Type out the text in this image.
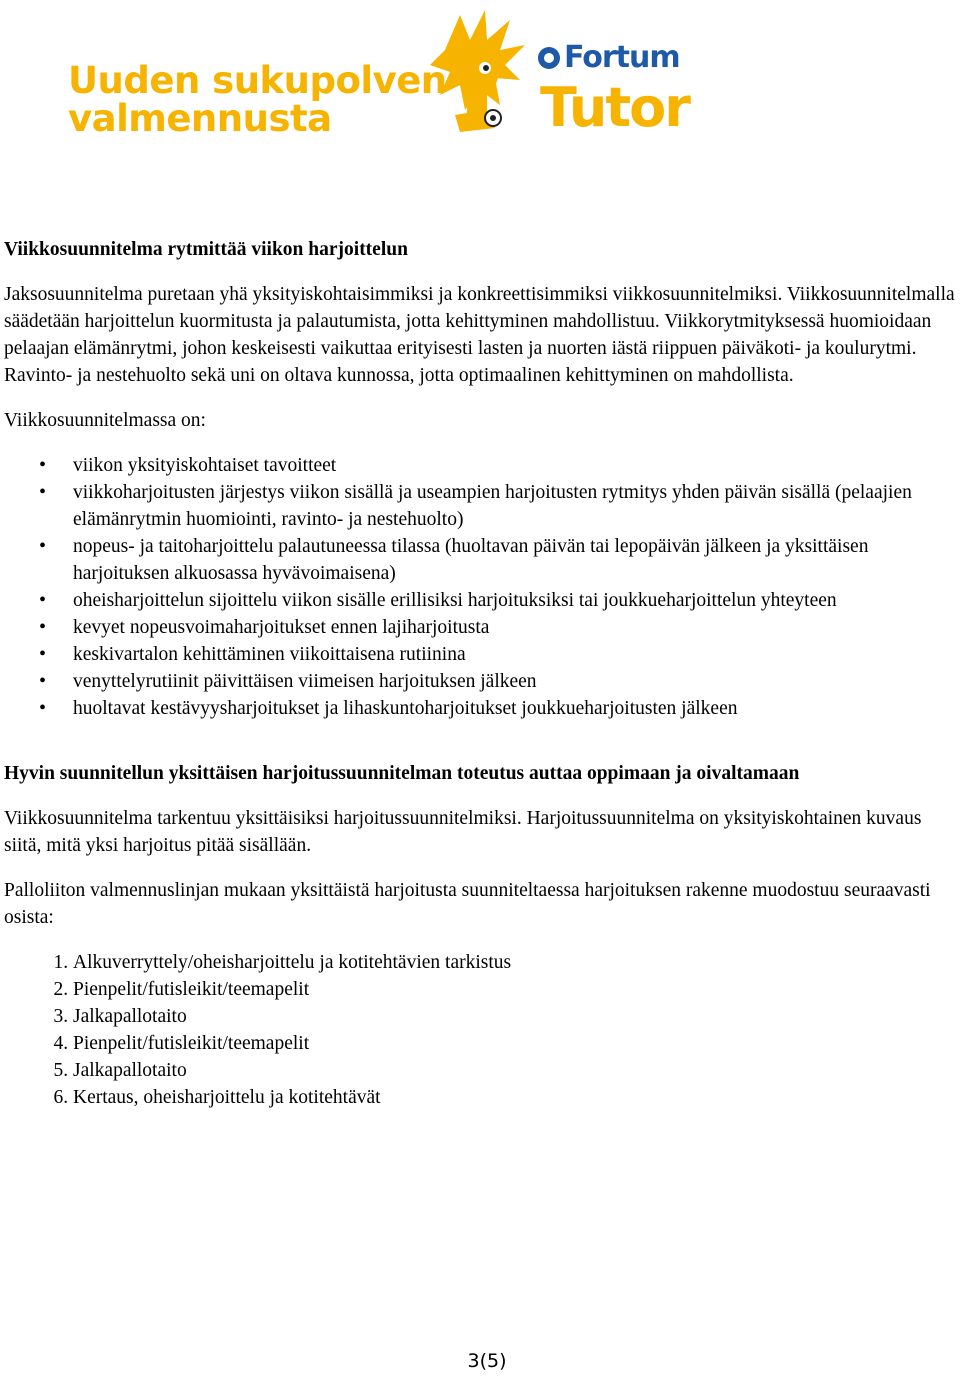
Uuden sukupolven
valmennusta
Fortum
Tutor
Viikkosuunnitelma rytmittää viikon harjoittelun

Jaksosuunnitelma puretaan yhä yksityiskohtaisimmiksi ja konkreettisimmiksi viikkosuunnitelmiksi. Viikkosuunnitelmalla säädetään harjoittelun kuormitusta ja palautumista, jotta kehittyminen mahdollistuu. Viikkorytmityksessä huomioidaan pelaajan elämänrytmi, johon keskeisesti vaikuttaa erityisesti lasten ja nuorten iästä riippuen päiväkoti- ja koulurytmi. Ravinto- ja nestehuolto sekä uni on oltava kunnossa, jotta optimaalinen kehittyminen on mahdollista.

Viikkosuunnitelmassa on:

• viikon yksityiskohtaiset tavoitteet
• viikkoharjoitusten järjestys viikon sisällä ja useampien harjoitusten rytmitys yhden päivän sisällä (pelaajien elämänrytmin huomiointi, ravinto- ja nestehuolto)
• nopeus- ja taitoharjoittelu palautuneessa tilassa (huoltavan päivän tai lepopäivän jälkeen ja yksittäisen harjoituksen alkuosassa hyvävoimaisena)
• oheisharjoittelun sijoittelu viikon sisälle erillisiksi harjoituksiksi tai joukkueharjoittelun yhteyteen
• kevyet nopeusvoimaharjoitukset ennen lajiharjoitusta
• keskivartalon kehittäminen viikoittaisena rutiinina
• venyttelyrutiinit päivittäisen viimeisen harjoituksen jälkeen
• huoltavat kestävyysharjoitukset ja lihaskuntoharjoitukset joukkueharjoitusten jälkeen
Hyvin suunnitellun yksittäisen harjoitussuunnitelman toteutus auttaa oppimaan ja oivaltamaan

Viikkosuunnitelma tarkentuu yksittäisiksi harjoitussuunnitelmiksi. Harjoitussuunnitelma on yksityiskohtainen kuvaus siitä, mitä yksi harjoitus pitää sisällään.

Palloliiton valmennuslinjan mukaan yksittäistä harjoitusta suunniteltaessa harjoituksen rakenne muodostuu seuraavasti osista:

1. Alkuverryttely/oheisharjoittelu ja kotitehtävien tarkistus
2. Pienpelit/futisleikit/teemapelit
3. Jalkapallotaito
4. Pienpelit/futisleikit/teemapelit
5. Jalkapallotaito
6. Kertaus, oheisharjoittelu ja kotitehtävät
3(5)
